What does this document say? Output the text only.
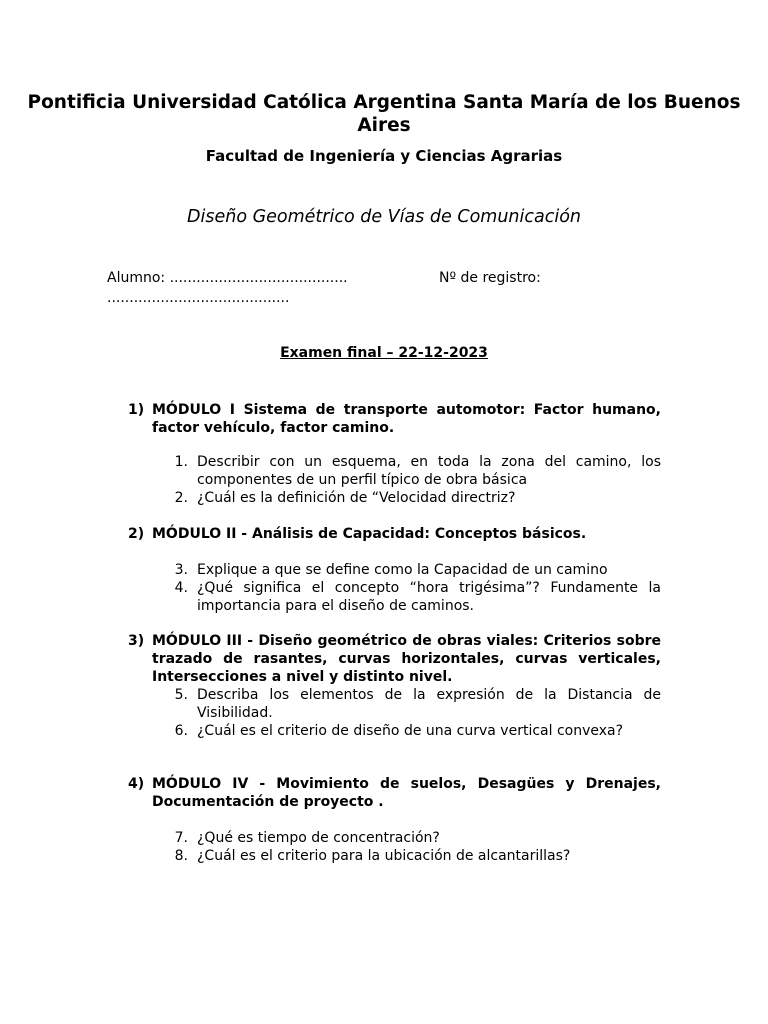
Pontificia Universidad Católica Argentina Santa María de los Buenos Aires
Facultad de Ingeniería y Ciencias Agrarias
Diseño Geométrico de Vías de Comunicación
Alumno: ........................................	Nº de registro:
.........................................
Examen final – 22-12-2023
1) MÓDULO I Sistema de transporte automotor: Factor humano, factor vehículo, factor camino.
1. Describir con un esquema, en toda la zona del camino, los componentes de un perfil típico de obra básica
2. ¿Cuál es la definición de “Velocidad directriz?
2) MÓDULO II - Análisis de Capacidad: Conceptos básicos.
3. Explique a que se define como la Capacidad de un camino
4. ¿Qué significa el concepto “hora trigésima”? Fundamente la importancia para el diseño de caminos.
3) MÓDULO III - Diseño geométrico de obras viales: Criterios sobre trazado de rasantes, curvas horizontales, curvas verticales, Intersecciones a nivel y distinto nivel.
5. Describa los elementos de la expresión de la Distancia de Visibilidad.
6. ¿Cuál es el criterio de diseño de una curva vertical convexa?
4) MÓDULO IV - Movimiento de suelos, Desagües y Drenajes, Documentación de proyecto .
7. ¿Qué es tiempo de concentración?
8. ¿Cuál es el criterio para la ubicación de alcantarillas?
